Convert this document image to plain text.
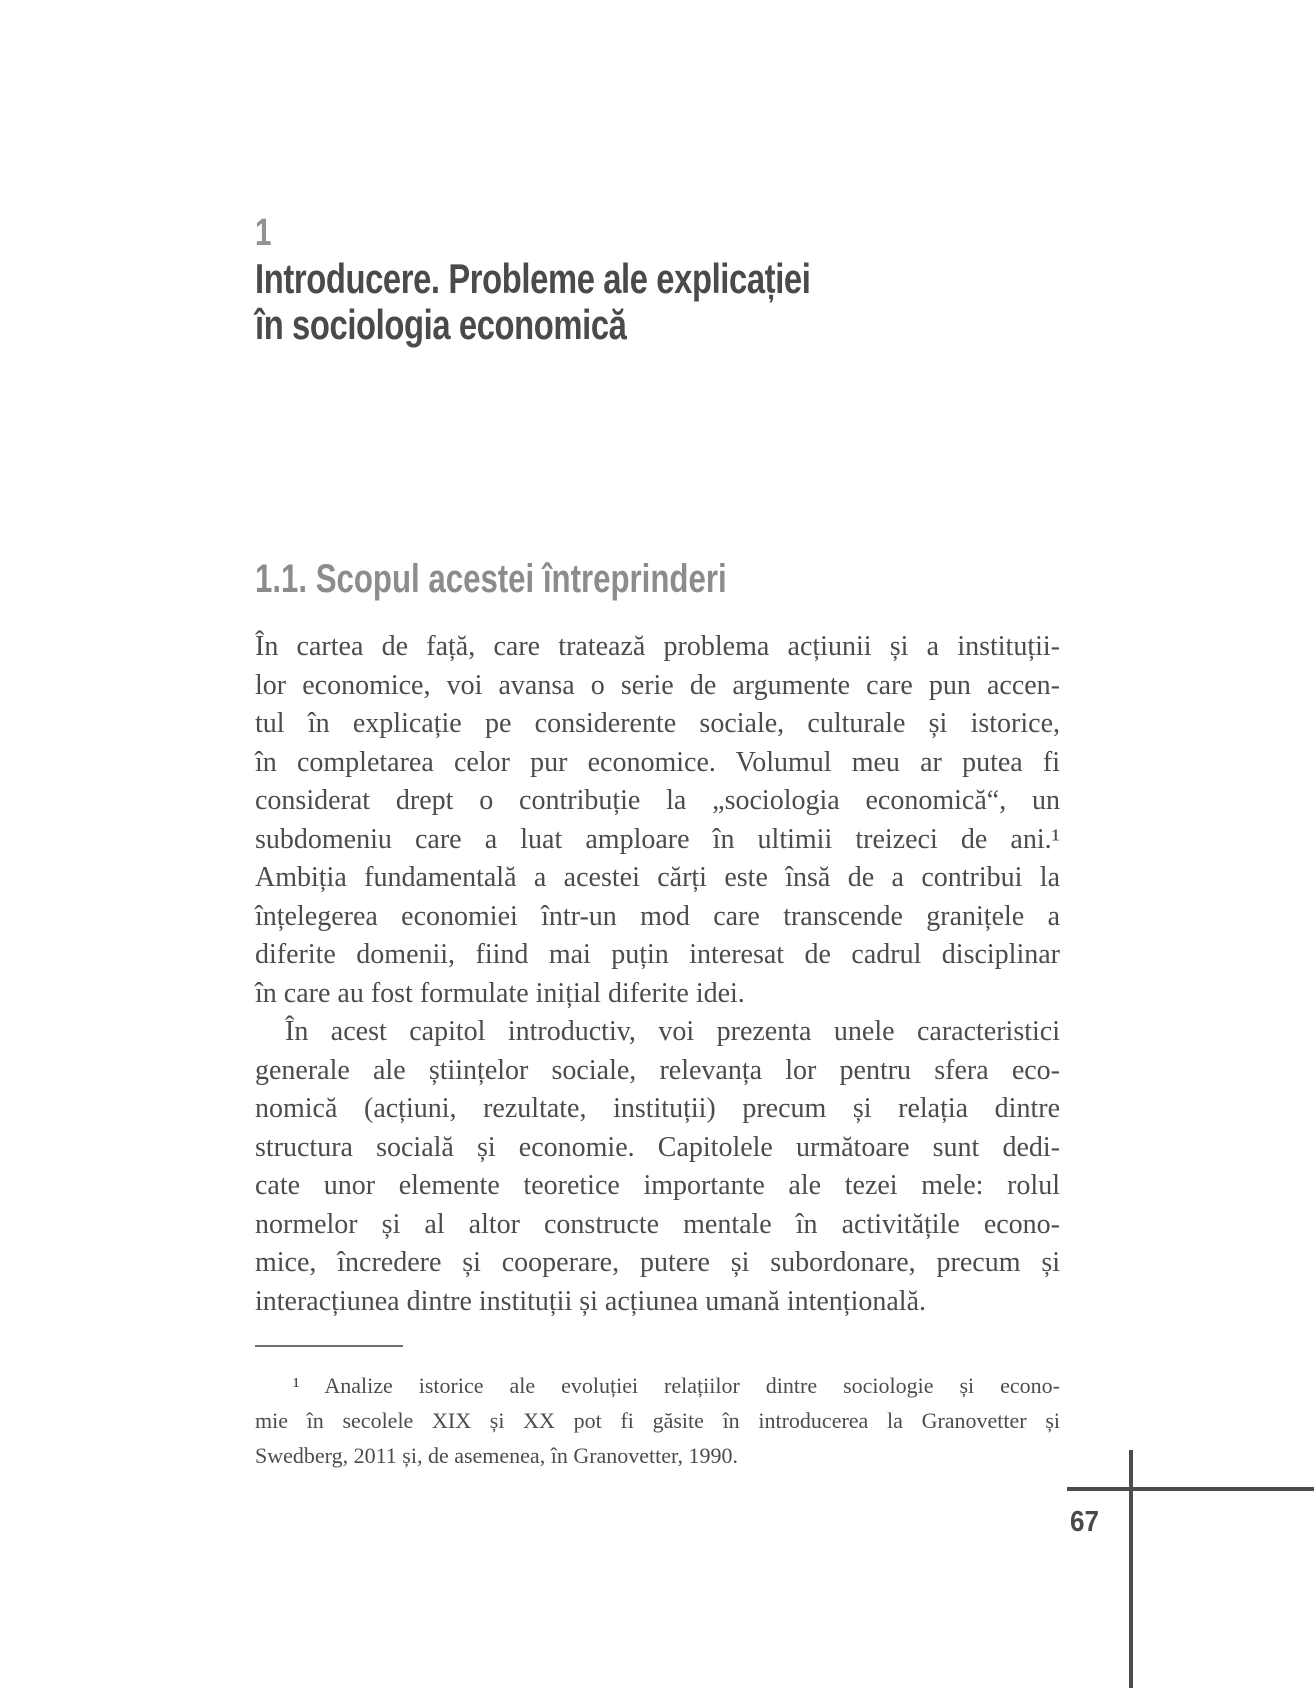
1
Introducere. Probleme ale explicației
în sociologia economică
1.1. Scopul acestei întreprinderi
În cartea de față, care tratează problema acțiunii și a instituții-
lor economice, voi avansa o serie de argumente care pun accen-
tul în explicație pe considerente sociale, culturale și istorice,
în completarea celor pur economice. Volumul meu ar putea fi
considerat drept o contribuție la „sociologia economică“, un
subdomeniu care a luat amploare în ultimii treizeci de ani.¹
Ambiția fundamentală a acestei cărți este însă de a contribui la
înțelegerea economiei într-un mod care transcende granițele a
diferite domenii, fiind mai puțin interesat de cadrul disciplinar
în care au fost formulate inițial diferite idei.
În acest capitol introductiv, voi prezenta unele caracteristici
generale ale științelor sociale, relevanța lor pentru sfera eco-
nomică (acțiuni, rezultate, instituții) precum și relația dintre
structura socială și economie. Capitolele următoare sunt dedi-
cate unor elemente teoretice importante ale tezei mele: rolul
normelor și al altor constructe mentale în activitățile econo-
mice, încredere și cooperare, putere și subordonare, precum și
interacțiunea dintre instituții și acțiunea umană intențională.
¹ Analize istorice ale evoluției relațiilor dintre sociologie și econo-
mie în secolele XIX și XX pot fi găsite în introducerea la Granovetter și
Swedberg, 2011 și, de asemenea, în Granovetter, 1990.
67
